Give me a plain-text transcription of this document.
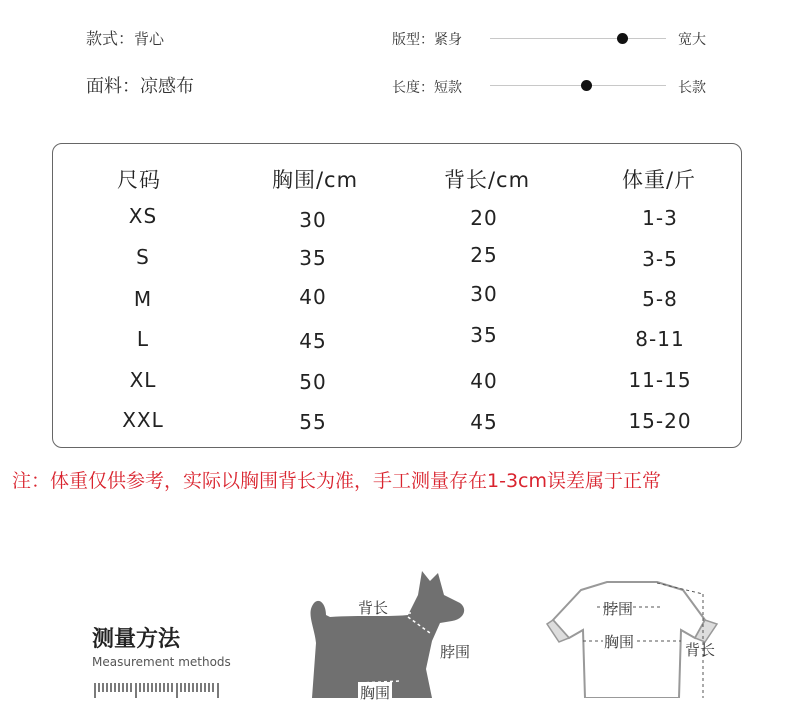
款式：背心
面料：凉感布
版型：紧身	宽大
长度：短款	长款
尺码	胸围/cm	背长/cm	体重/斤
XS	30	20	1-3
S	35	25	3-5
M	40	30	5-8
L	45	35	8-11
XL	50	40	11-15
XXL	55	45	15-20
注：体重仅供参考，实际以胸围背长为准，手工测量存在1-3cm误差属于正常
测量方法
Measurement methods
背长
脖围
胸围
脖围
胸围	背长
